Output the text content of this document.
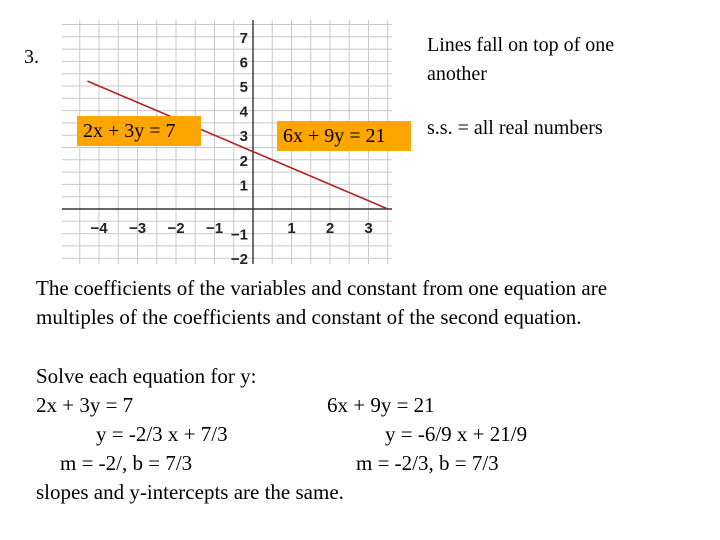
3.
Lines fall on top of one
another
s.s. = all real numbers
−4 −3 −2 −1	1 2 3
7
6
5
4
3
2
1
−1
−2
2x + 3y = 7	6x + 9y = 21
The coefficients of the variables and constant from one equation are
multiples of the coefficients and constant of the second equation.
Solve each equation for y:
2x + 3y = 7	6x + 9y = 21
y = -2/3 x + 7/3	y = -6/9 x + 21/9
m = -2/, b = 7/3	m = -2/3, b = 7/3
slopes and y-intercepts are the same.
